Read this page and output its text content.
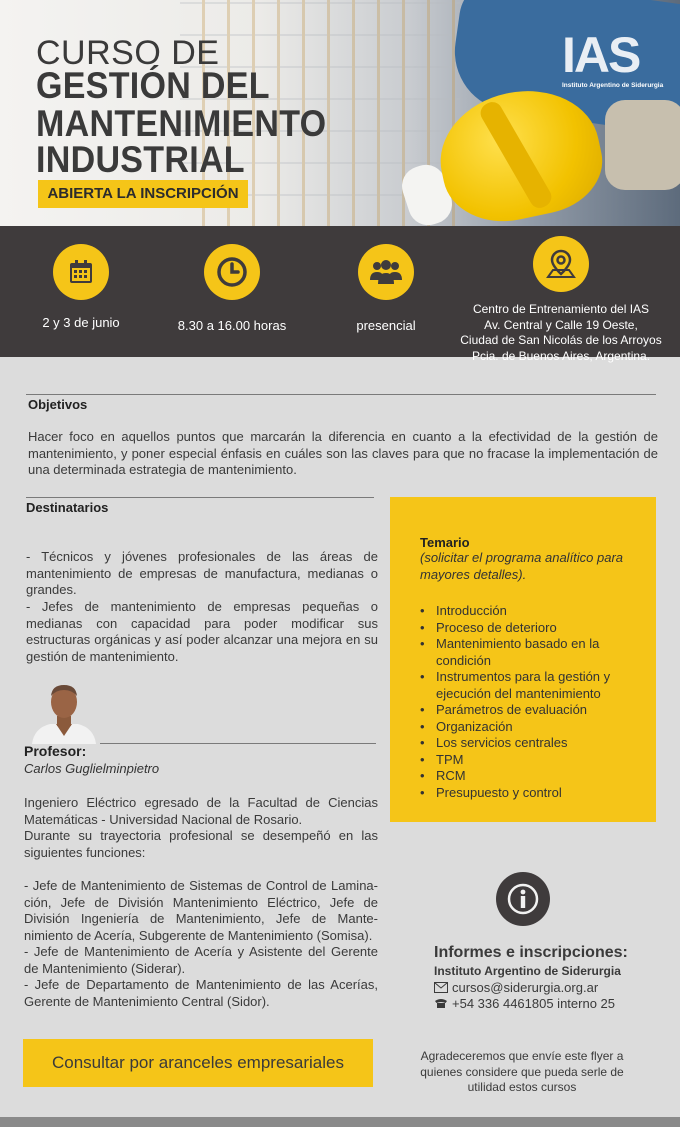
CURSO DE
GESTIÓN DEL
MANTENIMIENTO
INDUSTRIAL
ABIERTA LA INSCRIPCIÓN
IAS
Instituto Argentino de Siderurgia
2 y 3 de junio	8.30 a 16.00 horas	presencial
Centro de Entrenamiento del IAS
Av. Central y Calle 19 Oeste,
Ciudad de San Nicolás de los Arroyos
Pcia. de Buenos Aires, Argentina.
Objetivos
Hacer foco en aquellos puntos que marcarán la diferencia en cuanto a la efectividad de la gestión de mantenimiento, y poner especial énfasis en cuáles son las claves para que no fracase la implementación de una determinada estrategia de mantenimiento.
Destinatarios
- Técnicos y jóvenes profesionales de las áreas de mantenimiento de empresas de manufactura, medianas o grandes.
- Jefes de mantenimiento de empresas pequeñas o medianas con capacidad para poder modificar sus estructuras orgánicas y así poder alcanzar una mejora en su gestión de mantenimiento.
Temario
(solicitar el programa analítico para mayores detalles).
• Introducción
• Proceso de deterioro
• Mantenimiento basado en la condición
• Instrumentos para la gestión y ejecución del mantenimiento
• Parámetros de evaluación
• Organización
• Los servicios centrales
• TPM
• RCM
• Presupuesto y control
Profesor:
Carlos Guglielminpietro
Ingeniero Eléctrico egresado de la Facultad de Ciencias Matemáticas - Universidad Nacional de Rosario.
Durante su trayectoria profesional se desempeñó en las siguientes funciones:
- Jefe de Mantenimiento de Sistemas de Control de Lamina-ción, Jefe de División Mantenimiento Eléctrico, Jefe de División Ingeniería de Mantenimiento, Jefe de Mante-nimiento de Acería, Subgerente de Mantenimiento (Somisa).
- Jefe de Mantenimiento de Acería y Asistente del Gerente de Mantenimiento (Siderar).
- Jefe de Departamento de Mantenimiento de las Acerías, Gerente de Mantenimiento Central (Sidor).
Informes e inscripciones:
Instituto Argentino de Siderurgia
cursos@siderurgia.org.ar
+54 336 4461805 interno 25
Consultar por aranceles empresariales	Agradeceremos que envíe este flyer a quienes considere que pueda serle de utilidad estos cursos
